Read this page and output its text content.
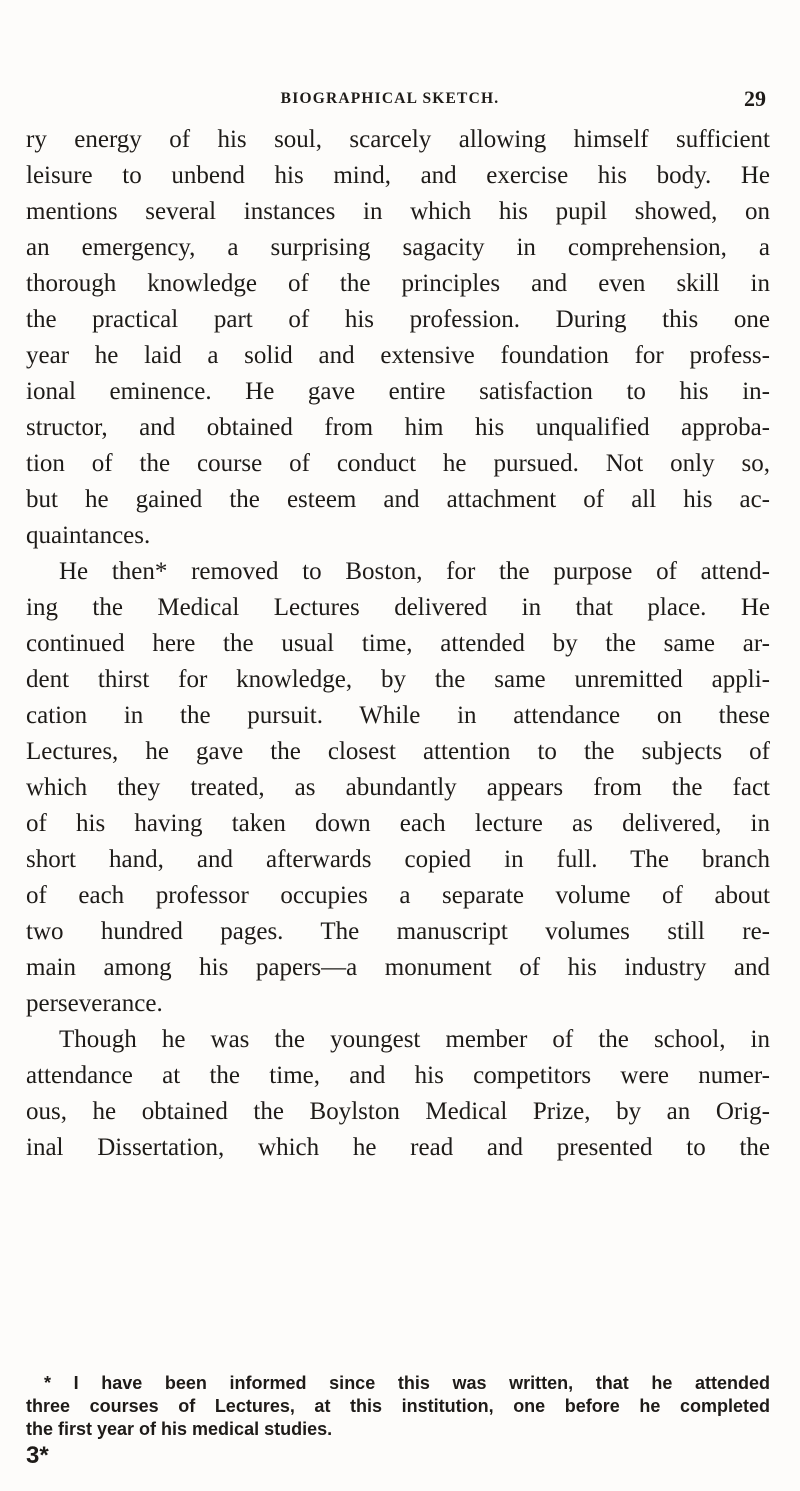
BIOGRAPHICAL SKETCH.	29
ry energy of his soul, scarcely allowing himself sufficient
leisure to unbend his mind, and exercise his body. He
mentions several instances in which his pupil showed, on
an emergency, a surprising sagacity in comprehension, a
thorough knowledge of the principles and even skill in
the practical part of his profession. During this one
year he laid a solid and extensive foundation for profess-
ional eminence. He gave entire satisfaction to his in-
structor, and obtained from him his unqualified approba-
tion of the course of conduct he pursued. Not only so,
but he gained the esteem and attachment of all his ac-
quaintances.
He then* removed to Boston, for the purpose of attend-
ing the Medical Lectures delivered in that place. He
continued here the usual time, attended by the same ar-
dent thirst for knowledge, by the same unremitted appli-
cation in the pursuit. While in attendance on these
Lectures, he gave the closest attention to the subjects of
which they treated, as abundantly appears from the fact
of his having taken down each lecture as delivered, in
short hand, and afterwards copied in full. The branch
of each professor occupies a separate volume of about
two hundred pages. The manuscript volumes still re-
main among his papers—a monument of his industry and
perseverance.
Though he was the youngest member of the school, in
attendance at the time, and his competitors were numer-
ous, he obtained the Boylston Medical Prize, by an Orig-
inal Dissertation, which he read and presented to the
* I have been informed since this was written, that he attended
three courses of Lectures, at this institution, one before he completed
the first year of his medical studies.
3*
